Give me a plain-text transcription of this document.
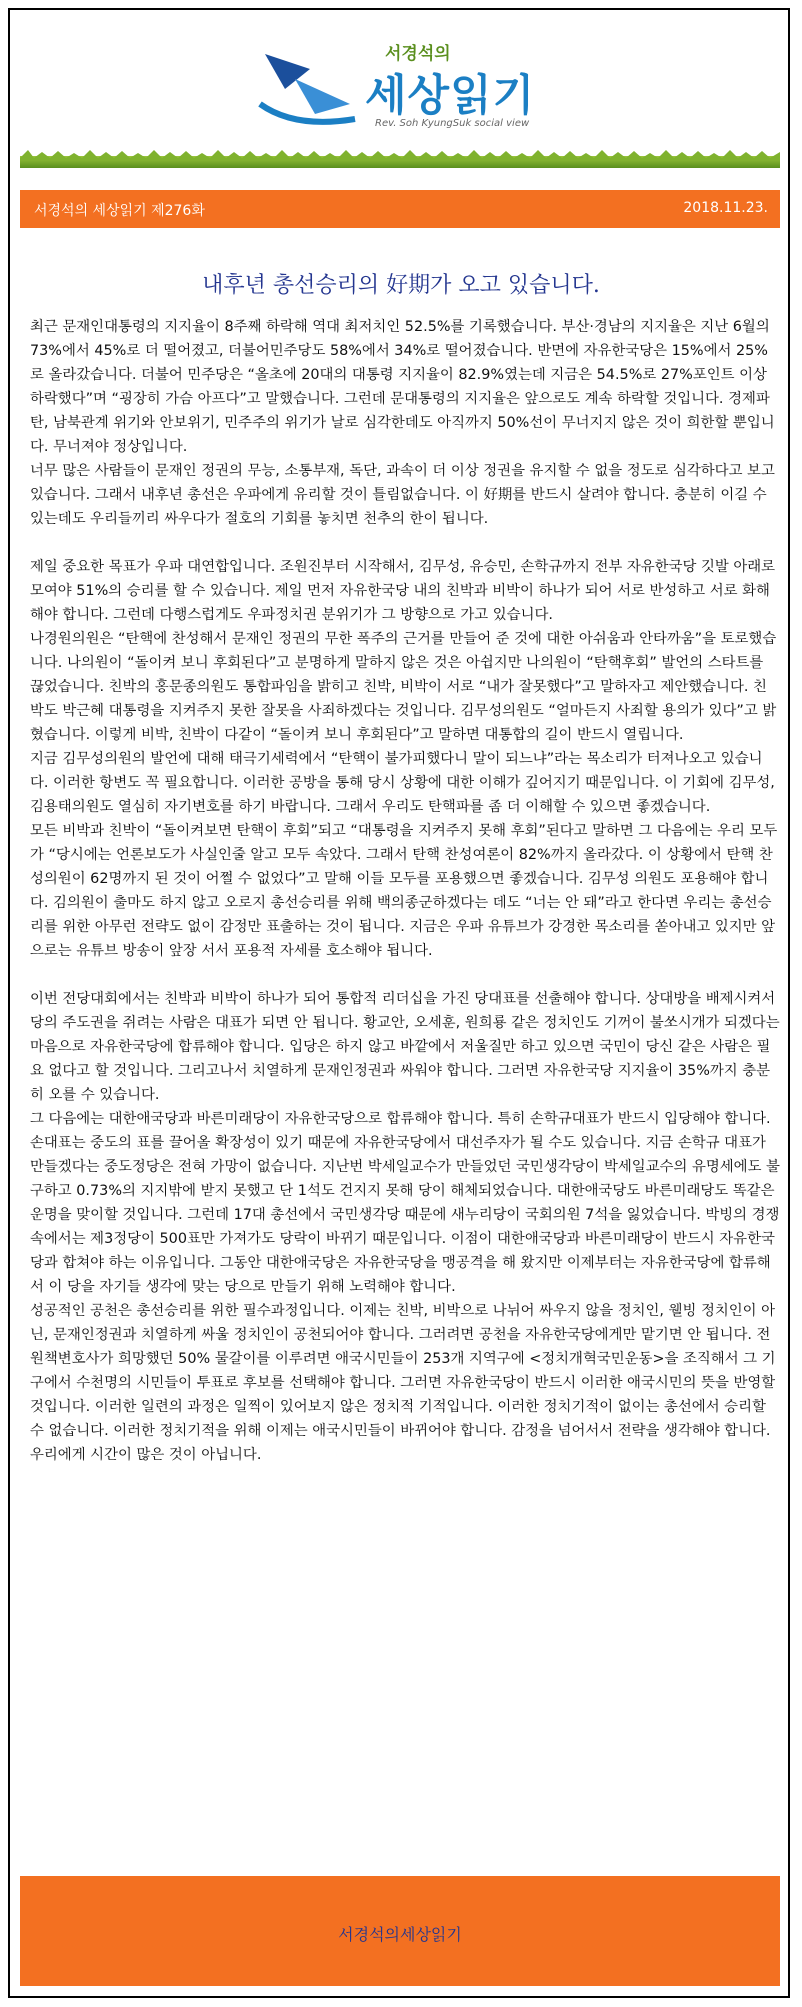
서경석의
세상읽기
Rev. Soh KyungSuk social view
서경석의 세상읽기 제276화	2018.11.23.
내후년 총선승리의 好期가 오고 있습니다.

최근 문재인대통령의 지지율이 8주째 하락해 역대 최저치인 52.5%를 기록했습니다. 부산·경남의 지지율은 지난 6월의 73%에서 45%로 더 떨어졌고, 더불어민주당도 58%에서 34%로 떨어졌습니다. 반면에 자유한국당은 15%에서 25%로 올라갔습니다. 더불어 민주당은 “올초에 20대의 대통령 지지율이 82.9%였는데 지금은 54.5%로 27%포인트 이상 하락했다”며 “굉장히 가슴 아프다”고 말했습니다. 그런데 문대통령의 지지율은 앞으로도 계속 하락할 것입니다. 경제파탄, 남북관계 위기와 안보위기, 민주주의 위기가 날로 심각한데도 아직까지 50%선이 무너지지 않은 것이 희한할 뿐입니다. 무너져야 정상입니다.

너무 많은 사람들이 문재인 정권의 무능, 소통부재, 독단, 과속이 더 이상 정권을 유지할 수 없을 정도로 심각하다고 보고 있습니다. 그래서 내후년 총선은 우파에게 유리할 것이 틀림없습니다. 이 好期를 반드시 살려야 합니다. 충분히 이길 수 있는데도 우리들끼리 싸우다가 절호의 기회를 놓치면 천추의 한이 됩니다.

제일 중요한 목표가 우파 대연합입니다. 조원진부터 시작해서, 김무성, 유승민, 손학규까지 전부 자유한국당 깃발 아래로 모여야 51%의 승리를 할 수 있습니다. 제일 먼저 자유한국당 내의 친박과 비박이 하나가 되어 서로 반성하고 서로 화해해야 합니다. 그런데 다행스럽게도 우파정치권 분위기가 그 방향으로 가고 있습니다.

나경원의원은 “탄핵에 찬성해서 문재인 정권의 무한 폭주의 근거를 만들어 준 것에 대한 아쉬움과 안타까움”을 토로했습니다. 나의원이 “돌이켜 보니 후회된다”고 분명하게 말하지 않은 것은 아쉽지만 나의원이 “탄핵후회” 발언의 스타트를 끊었습니다. 친박의 홍문종의원도 통합파임을 밝히고 친박, 비박이 서로 “내가 잘못했다”고 말하자고 제안했습니다. 친박도 박근혜 대통령을 지켜주지 못한 잘못을 사죄하겠다는 것입니다. 김무성의원도 “얼마든지 사죄할 용의가 있다”고 밝혔습니다. 이렇게 비박, 친박이 다같이 “돌이켜 보니 후회된다”고 말하면 대통합의 길이 반드시 열립니다.

지금 김무성의원의 발언에 대해 태극기세력에서 “탄핵이 불가피했다니 말이 되느냐”라는 목소리가 터져나오고 있습니다. 이러한 항변도 꼭 필요합니다. 이러한 공방을 통해 당시 상황에 대한 이해가 깊어지기 때문입니다. 이 기회에 김무성, 김용태의원도 열심히 자기변호를 하기 바랍니다. 그래서 우리도 탄핵파를 좀 더 이해할 수 있으면 좋겠습니다.

모든 비박과 친박이 “돌이켜보면 탄핵이 후회”되고 “대통령을 지켜주지 못해 후회”된다고 말하면 그 다음에는 우리 모두가 “당시에는 언론보도가 사실인줄 알고 모두 속았다. 그래서 탄핵 찬성여론이 82%까지 올라갔다. 이 상황에서 탄핵 찬성의원이 62명까지 된 것이 어쩔 수 없었다”고 말해 이들 모두를 포용했으면 좋겠습니다. 김무성 의원도 포용해야 합니다. 김의원이 출마도 하지 않고 오로지 총선승리를 위해 백의종군하겠다는 데도 “너는 안 돼”라고 한다면 우리는 총선승리를 위한 아무런 전략도 없이 감정만 표출하는 것이 됩니다. 지금은 우파 유튜브가 강경한 목소리를 쏟아내고 있지만 앞으로는 유튜브 방송이 앞장 서서 포용적 자세를 호소해야 됩니다.

이번 전당대회에서는 친박과 비박이 하나가 되어 통합적 리더십을 가진 당대표를 선출해야 합니다. 상대방을 배제시켜서 당의 주도권을 쥐려는 사람은 대표가 되면 안 됩니다. 황교안, 오세훈, 원희룡 같은 정치인도 기꺼이 불쏘시개가 되겠다는 마음으로 자유한국당에 합류해야 합니다. 입당은 하지 않고 바깥에서 저울질만 하고 있으면 국민이 당신 같은 사람은 필요 없다고 할 것입니다. 그리고나서 치열하게 문재인정권과 싸워야 합니다. 그러면 자유한국당 지지율이 35%까지 충분히 오를 수 있습니다.

그 다음에는 대한애국당과 바른미래당이 자유한국당으로 합류해야 합니다. 특히 손학규대표가 반드시 입당해야 합니다. 손대표는 중도의 표를 끌어올 확장성이 있기 때문에 자유한국당에서 대선주자가 될 수도 있습니다. 지금 손학규 대표가 만들겠다는 중도정당은 전혀 가망이 없습니다. 지난번 박세일교수가 만들었던 국민생각당이 박세일교수의 유명세에도 불구하고 0.73%의 지지밖에 받지 못했고 단 1석도 건지지 못해 당이 해체되었습니다. 대한애국당도 바른미래당도 똑같은 운명을 맞이할 것입니다. 그런데 17대 총선에서 국민생각당 때문에 새누리당이 국회의원 7석을 잃었습니다. 박빙의 경쟁 속에서는 제3정당이 500표만 가져가도 당락이 바뀌기 때문입니다. 이점이 대한애국당과 바른미래당이 반드시 자유한국당과 합쳐야 하는 이유입니다. 그동안 대한애국당은 자유한국당을 맹공격을 해 왔지만 이제부터는 자유한국당에 합류해서 이 당을 자기들 생각에 맞는 당으로 만들기 위해 노력해야 합니다.

성공적인 공천은 총선승리를 위한 필수과정입니다. 이제는 친박, 비박으로 나뉘어 싸우지 않을 정치인, 웰빙 정치인이 아닌, 문재인정권과 치열하게 싸울 정치인이 공천되어야 합니다. 그러려면 공천을 자유한국당에게만 맡기면 안 됩니다. 전원책변호사가 희망했던 50% 물갈이를 이루려면 애국시민들이 253개 지역구에 <정치개혁국민운동>을 조직해서 그 기구에서 수천명의 시민들이 투표로 후보를 선택해야 합니다. 그러면 자유한국당이 반드시 이러한 애국시민의 뜻을 반영할 것입니다. 이러한 일련의 과정은 일찍이 있어보지 않은 정치적 기적입니다. 이러한 정치기적이 없이는 총선에서 승리할 수 없습니다. 이러한 정치기적을 위해 이제는 애국시민들이 바뀌어야 합니다. 감정을 넘어서서 전략을 생각해야 합니다. 우리에게 시간이 많은 것이 아닙니다.

서경석의세상읽기
